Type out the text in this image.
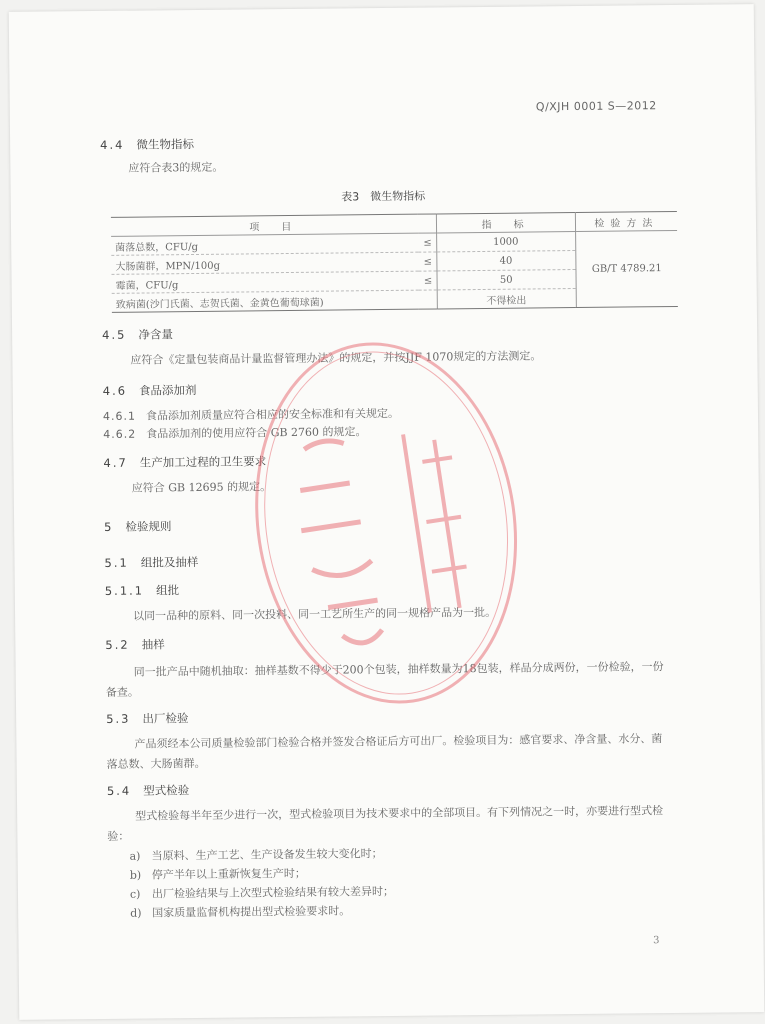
Q/XJH 0001 S—2012
4.4 微生物指标
应符合表3的规定。
表3　微生物指标
项　目		指　标	检验方法
菌落总数，CFU/g	≤	1000	GB/T 4789.21
大肠菌群，MPN/100g	≤	40	
霉菌，CFU/g	≤	50	
致病菌(沙门氏菌、志贺氏菌、金黄色葡萄球菌)		不得检出	
4.5 净含量
应符合《定量包装商品计量监督管理办法》的规定，并按JJF 1070规定的方法测定。
4.6 食品添加剂
4.6.1 食品添加剂质量应符合相应的安全标准和有关规定。
4.6.2 食品添加剂的使用应符合 GB 2760 的规定。
4.7 生产加工过程的卫生要求
应符合 GB 12695 的规定。
5 检验规则
5.1 组批及抽样
5.1.1 组批
以同一品种的原料、同一次投料、同一工艺所生产的同一规格产品为一批。
5.2 抽样
同一批产品中随机抽取：抽样基数不得少于200个包装，抽样数量为18包装，样品分成两份，一份检验，一份备查。
5.3 出厂检验
产品须经本公司质量检验部门检验合格并签发合格证后方可出厂。检验项目为：感官要求、净含量、水分、菌落总数、大肠菌群。
5.4 型式检验
型式检验每半年至少进行一次，型式检验项目为技术要求中的全部项目。有下列情况之一时，亦要进行型式检验：
a) 当原料、生产工艺、生产设备发生较大变化时；
b) 停产半年以上重新恢复生产时；
c) 出厂检验结果与上次型式检验结果有较大差异时；
d) 国家质量监督机构提出型式检验要求时。
3
